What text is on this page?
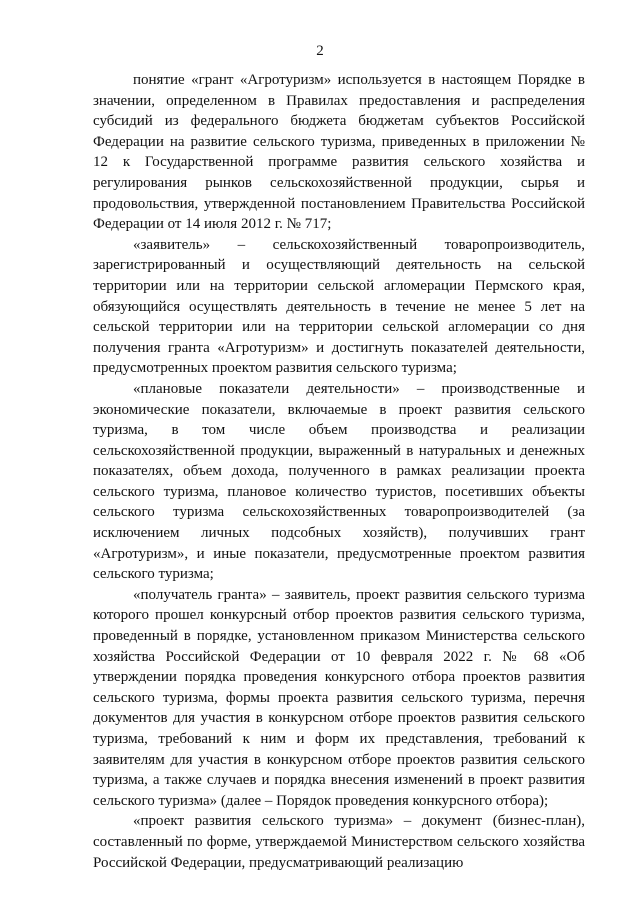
2

понятие «грант «Агротуризм» используется в настоящем Порядке в значении, определенном в Правилах предоставления и распределения субсидий из федерального бюджета бюджетам субъектов Российской Федерации на развитие сельского туризма, приведенных в приложении № 12 к Государственной программе развития сельского хозяйства и регулирования рынков сельскохозяйственной продукции, сырья и продовольствия, утвержденной постановлением Правительства Российской Федерации от 14 июля 2012 г. № 717;

«заявитель» – сельскохозяйственный товаропроизводитель, зарегистрированный и осуществляющий деятельность на сельской территории или на территории сельской агломерации Пермского края, обязующийся осуществлять деятельность в течение не менее 5 лет на сельской территории или на территории сельской агломерации со дня получения гранта «Агротуризм» и достигнуть показателей деятельности, предусмотренных проектом развития сельского туризма;

«плановые показатели деятельности» – производственные и экономические показатели, включаемые в проект развития сельского туризма, в том числе объем производства и реализации сельскохозяйственной продукции, выраженный в натуральных и денежных показателях, объем дохода, полученного в рамках реализации проекта сельского туризма, плановое количество туристов, посетивших объекты сельского туризма сельскохозяйственных товаропроизводителей (за исключением личных подсобных хозяйств), получивших грант «Агротуризм», и иные показатели, предусмотренные проектом развития сельского туризма;

«получатель гранта» – заявитель, проект развития сельского туризма которого прошел конкурсный отбор проектов развития сельского туризма, проведенный в порядке, установленном приказом Министерства сельского хозяйства Российской Федерации от 10 февраля 2022 г. № 68 «Об утверждении порядка проведения конкурсного отбора проектов развития сельского туризма, формы проекта развития сельского туризма, перечня документов для участия в конкурсном отборе проектов развития сельского туризма, требований к ним и форм их представления, требований к заявителям для участия в конкурсном отборе проектов развития сельского туризма, а также случаев и порядка внесения изменений в проект развития сельского туризма» (далее – Порядок проведения конкурсного отбора);

«проект развития сельского туризма» – документ (бизнес-план), составленный по форме, утверждаемой Министерством сельского хозяйства Российской Федерации, предусматривающий реализацию
